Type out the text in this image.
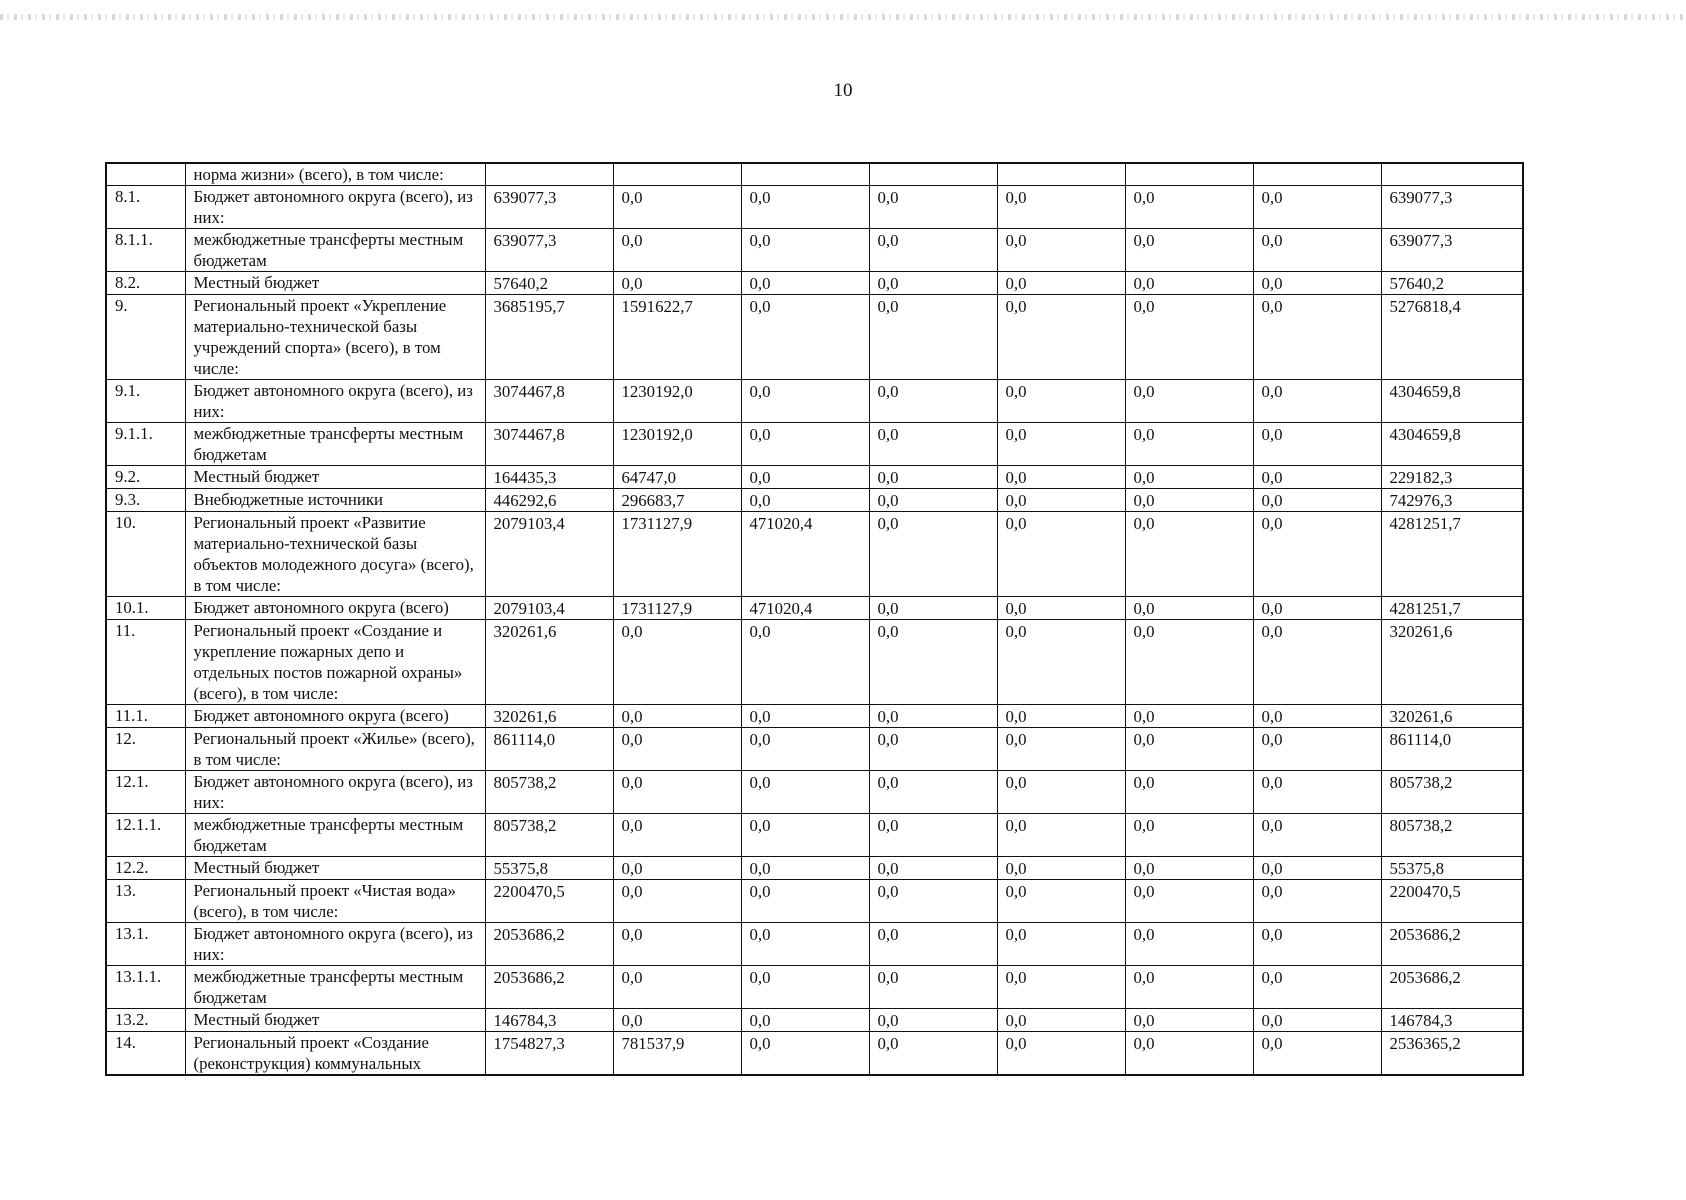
10
	норма жизни» (всего), в том числе:								
8.1.	Бюджет автономного округа (всего), из них:	639077,3	0,0	0,0	0,0	0,0	0,0	0,0	639077,3
8.1.1.	межбюджетные трансферты местным бюджетам	639077,3	0,0	0,0	0,0	0,0	0,0	0,0	639077,3
8.2.	Местный бюджет	57640,2	0,0	0,0	0,0	0,0	0,0	0,0	57640,2
9.	Региональный проект «Укрепление материально-технической базы учреждений спорта» (всего), в том числе:	3685195,7	1591622,7	0,0	0,0	0,0	0,0	0,0	5276818,4
9.1.	Бюджет автономного округа (всего), из них:	3074467,8	1230192,0	0,0	0,0	0,0	0,0	0,0	4304659,8
9.1.1.	межбюджетные трансферты местным бюджетам	3074467,8	1230192,0	0,0	0,0	0,0	0,0	0,0	4304659,8
9.2.	Местный бюджет	164435,3	64747,0	0,0	0,0	0,0	0,0	0,0	229182,3
9.3.	Внебюджетные источники	446292,6	296683,7	0,0	0,0	0,0	0,0	0,0	742976,3
10.	Региональный проект «Развитие материально-технической базы объектов молодежного досуга» (всего), в том числе:	2079103,4	1731127,9	471020,4	0,0	0,0	0,0	0,0	4281251,7
10.1.	Бюджет автономного округа (всего)	2079103,4	1731127,9	471020,4	0,0	0,0	0,0	0,0	4281251,7
11.	Региональный проект «Создание и укрепление пожарных депо и отдельных постов пожарной охраны» (всего), в том числе:	320261,6	0,0	0,0	0,0	0,0	0,0	0,0	320261,6
11.1.	Бюджет автономного округа (всего)	320261,6	0,0	0,0	0,0	0,0	0,0	0,0	320261,6
12.	Региональный проект «Жилье» (всего), в том числе:	861114,0	0,0	0,0	0,0	0,0	0,0	0,0	861114,0
12.1.	Бюджет автономного округа (всего), из них:	805738,2	0,0	0,0	0,0	0,0	0,0	0,0	805738,2
12.1.1.	межбюджетные трансферты местным бюджетам	805738,2	0,0	0,0	0,0	0,0	0,0	0,0	805738,2
12.2.	Местный бюджет	55375,8	0,0	0,0	0,0	0,0	0,0	0,0	55375,8
13.	Региональный проект «Чистая вода» (всего), в том числе:	2200470,5	0,0	0,0	0,0	0,0	0,0	0,0	2200470,5
13.1.	Бюджет автономного округа (всего), из них:	2053686,2	0,0	0,0	0,0	0,0	0,0	0,0	2053686,2
13.1.1.	межбюджетные трансферты местным бюджетам	2053686,2	0,0	0,0	0,0	0,0	0,0	0,0	2053686,2
13.2.	Местный бюджет	146784,3	0,0	0,0	0,0	0,0	0,0	0,0	146784,3
14.	Региональный проект «Создание (реконструкция) коммунальных	1754827,3	781537,9	0,0	0,0	0,0	0,0	0,0	2536365,2
